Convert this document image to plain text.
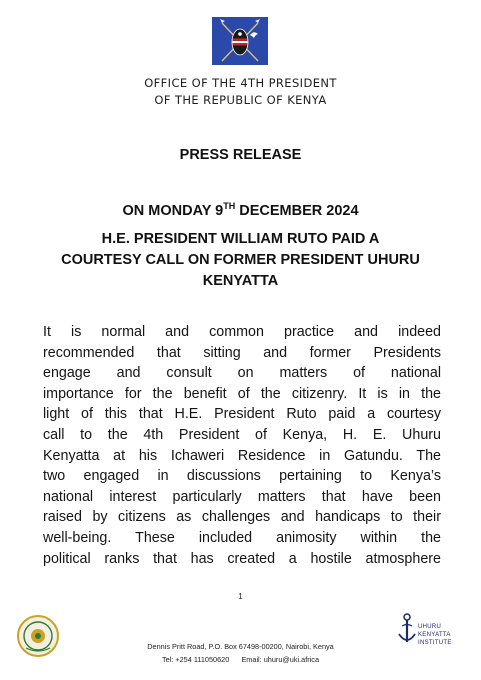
OFFICE OF THE 4TH PRESIDENT
OF THE REPUBLIC OF KENYA
PRESS RELEASE
ON MONDAY 9TH DECEMBER 2024
H.E. PRESIDENT WILLIAM RUTO PAID A COURTESY CALL ON FORMER PRESIDENT UHURU KENYATTA
It is normal and common practice and indeed
recommended that sitting and former Presidents
engage and consult on matters of national
importance for the benefit of the citizenry. It is in the
light of this that H.E. President Ruto paid a courtesy
call to the 4th President of Kenya, H. E. Uhuru
Kenyatta at his Ichaweri Residence in Gatundu. The
two engaged in discussions pertaining to Kenya’s
national interest particularly matters that have been
raised by citizens as challenges and handicaps to their
well-being. These included animosity within the
political ranks that has created a hostile atmosphere
1
Dennis Pritt Road, P.O. Box 67498-00200, Nairobi, Kenya
Tel: +254 111050620 Email: uhuru@uki.africa
UHURU
KENYATTA
INSTITUTE
